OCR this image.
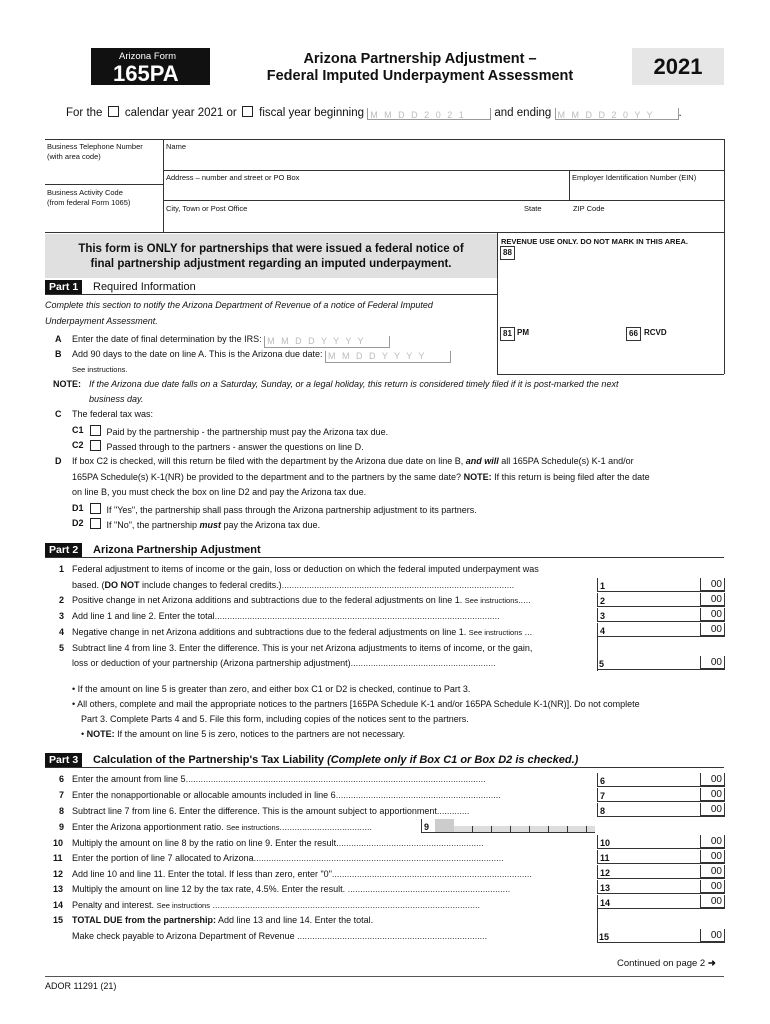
Arizona Form
165PA
Arizona Partnership Adjustment –
Federal Imputed Underpayment Assessment	2021
For the calendar year 2021 or fiscal year beginning M M D D 2 0 2 1 and ending M M D D 2 0 Y Y .
Business Telephone Number
(with area code)
Name
Address – number and street or PO Box	Employer Identification Number (EIN)
Business Activity Code
(from federal Form 1065)
City, Town or Post Office	State	ZIP Code
This form is ONLY for partnerships that were issued a federal notice of
final partnership adjustment regarding an imputed underpayment.
REVENUE USE ONLY. DO NOT MARK IN THIS AREA.
88
81 PM	66 RCVD
Part 1	Required Information
Complete this section to notify the Arizona Department of Revenue of a notice of Federal Imputed
Underpayment Assessment.
A Enter the date of final determination by the IRS: M M D D Y Y Y Y
B Add 90 days to the date on line A. This is the Arizona due date: M M D D Y Y Y Y
See instructions.
NOTE: If the Arizona due date falls on a Saturday, Sunday, or a legal holiday, this return is considered timely filed if it is post-marked the next
business day.
C The federal tax was:
C1	Paid by the partnership - the partnership must pay the Arizona tax due.
C2	Passed through to the partners - answer the questions on line D.
D If box C2 is checked, will this return be filed with the department by the Arizona due date on line B, and will all 165PA Schedule(s) K-1 and/or
165PA Schedule(s) K-1(NR) be provided to the department and to the partners by the same date? NOTE: If this return is being filed after the date
on line B, you must check the box on line D2 and pay the Arizona tax due.
D1	If "Yes", the partnership shall pass through the Arizona partnership adjustment to its partners.
D2	If "No", the partnership must pay the Arizona tax due.
Part 2	Arizona Partnership Adjustment
1 Federal adjustment to items of income or the gain, loss or deduction on which the federal imputed underpayment was
based. (DO NOT include changes to federal credits.).............................................................................................	1	00
2 Positive change in net Arizona additions and subtractions due to the federal adjustments on line 1. See instructions.....	2	00
3 Add line 1 and line 2. Enter the total..................................................................................................................	3	00
4 Negative change in net Arizona additions and subtractions due to the federal adjustments on line 1. See instructions ...	4	00
5 Subtract line 4 from line 3. Enter the difference. This is your net Arizona adjustments to items of income, or the gain,
loss or deduction of your partnership (Arizona partnership adjustment)..........................................................	5	00
• If the amount on line 5 is greater than zero, and either box C1 or D2 is checked, continue to Part 3.
• All others, complete and mail the appropriate notices to the partners [165PA Schedule K-1 and/or 165PA Schedule K-1(NR)]. Do not complete
Part 3. Complete Parts 4 and 5. File this form, including copies of the notices sent to the partners.
• NOTE: If the amount on line 5 is zero, notices to the partners are not necessary.
Part 3	Calculation of the Partnership's Tax Liability (Complete only if Box C1 or Box D2 is checked.)
6 Enter the amount from line 5........................................................................................................................	6	00
7 Enter the nonapportionable or allocable amounts included in line 6..................................................................	7	00
8 Subtract line 7 from line 6. Enter the difference. This is the amount subject to apportionment.............	8	00
9 Enter the Arizona apportionment ratio. See instructions.....................................	9
10 Multiply the amount on line 8 by the ratio on line 9. Enter the result...........................................................	10	00
11 Enter the portion of line 7 allocated to Arizona....................................................................................................	11	00
12 Add line 10 and line 11. Enter the total. If less than zero, enter "0"................................................................................	12	00
13 Multiply the amount on line 12 by the tax rate, 4.5%. Enter the result. .................................................................	13	00
14 Penalty and interest. See instructions ...........................................................................................................	14	00
15 TOTAL DUE from the partnership: Add line 13 and line 14. Enter the total.
Make check payable to Arizona Department of Revenue ............................................................................	15	00
Continued on page 2 ➜
ADOR 11291 (21)
